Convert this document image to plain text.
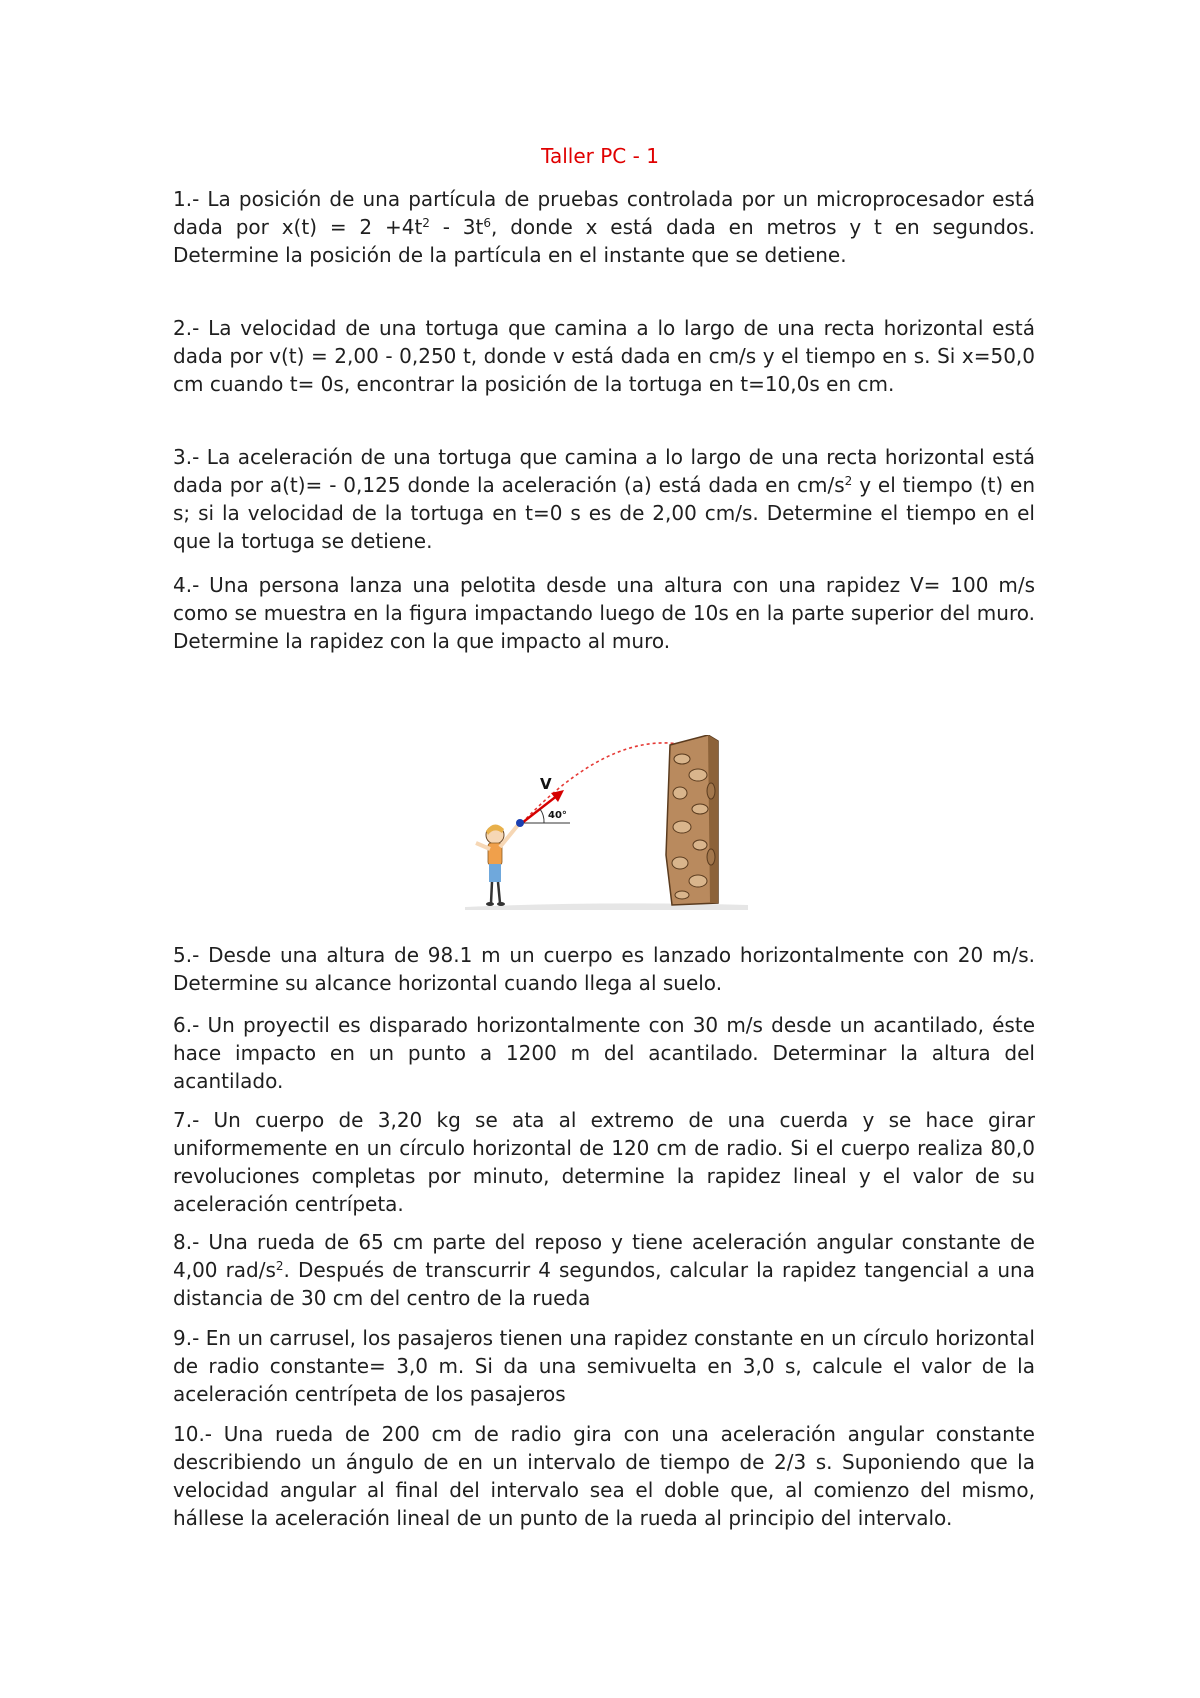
Taller PC - 1

1.- La posición de una partícula de pruebas controlada por un microprocesador está dada por $x(t) = 2 +4t^2 - 3t^6$, donde x está dada en metros y t en segundos. Determine la posición de la partícula en el instante que se detiene.

2.- La velocidad de una tortuga que camina a lo largo de una recta horizontal está dada por v(t) = 2,00 - 0,250 t, donde v está dada en cm/s y el tiempo en s. Si x=50,0 cm cuando t= 0s, encontrar la posición de la tortuga en t=10,0s en cm.

3.- La aceleración de una tortuga que camina a lo largo de una recta horizontal está dada por a(t)= - 0,125 donde la aceleración (a) está dada en $cm/s^2$ y el tiempo (t) en s; si la velocidad de la tortuga en t=0 s es de 2,00 cm/s. Determine el tiempo en el que la tortuga se detiene.

4.- Una persona lanza una pelotita desde una altura con una rapidez V= 100 m/s como se muestra en la figura impactando luego de 10s en la parte superior del muro. Determine la rapidez con la que impacto al muro.

V
40°

5.- Desde una altura de 98.1 m un cuerpo es lanzado horizontalmente con 20 m/s. Determine su alcance horizontal cuando llega al suelo.

6.- Un proyectil es disparado horizontalmente con 30 m/s desde un acantilado, éste hace impacto en un punto a 1200 m del acantilado. Determinar la altura del acantilado.

7.- Un cuerpo de 3,20 kg se ata al extremo de una cuerda y se hace girar uniformemente en un círculo horizontal de 120 cm de radio. Si el cuerpo realiza 80,0 revoluciones completas por minuto, determine la rapidez lineal y el valor de su aceleración centrípeta.

8.- Una rueda de 65 cm parte del reposo y tiene aceleración angular constante de 4,00 rad/$s^2$. Después de transcurrir 4 segundos, calcular la rapidez tangencial a una distancia de 30 cm del centro de la rueda

9.- En un carrusel, los pasajeros tienen una rapidez constante en un círculo horizontal de radio constante= 3,0 m. Si da una semivuelta en 3,0 s, calcule el valor de la aceleración centrípeta de los pasajeros

10.- Una rueda de 200 cm de radio gira con una aceleración angular constante describiendo un ángulo de en un intervalo de tiempo de 2/3 s. Suponiendo que la velocidad angular al final del intervalo sea el doble que, al comienzo del mismo, hállese la aceleración lineal de un punto de la rueda al principio del intervalo.
